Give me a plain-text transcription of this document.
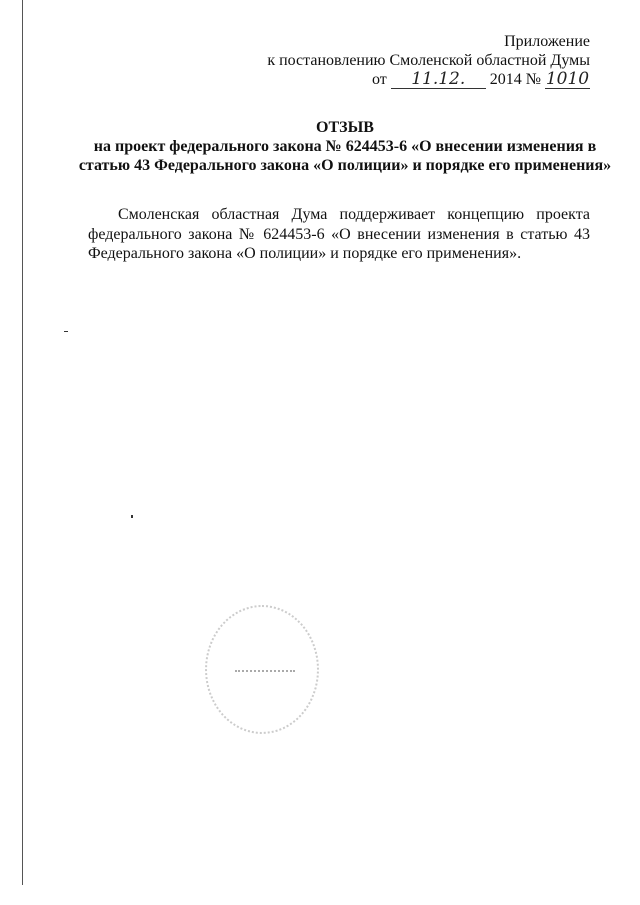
Приложение
к постановлению Смоленской областной Думы
от 11.12. 2014 № 1010
ОТЗЫВ
на проект федерального закона № 624453-6 «О внесении изменения в
статью 43 Федерального закона «О полиции» и порядке его применения»
Смоленская областная Дума поддерживает концепцию проекта федерального закона № 624453-6 «О внесении изменения в статью 43 Федерального закона «О полиции» и порядке его применения».
